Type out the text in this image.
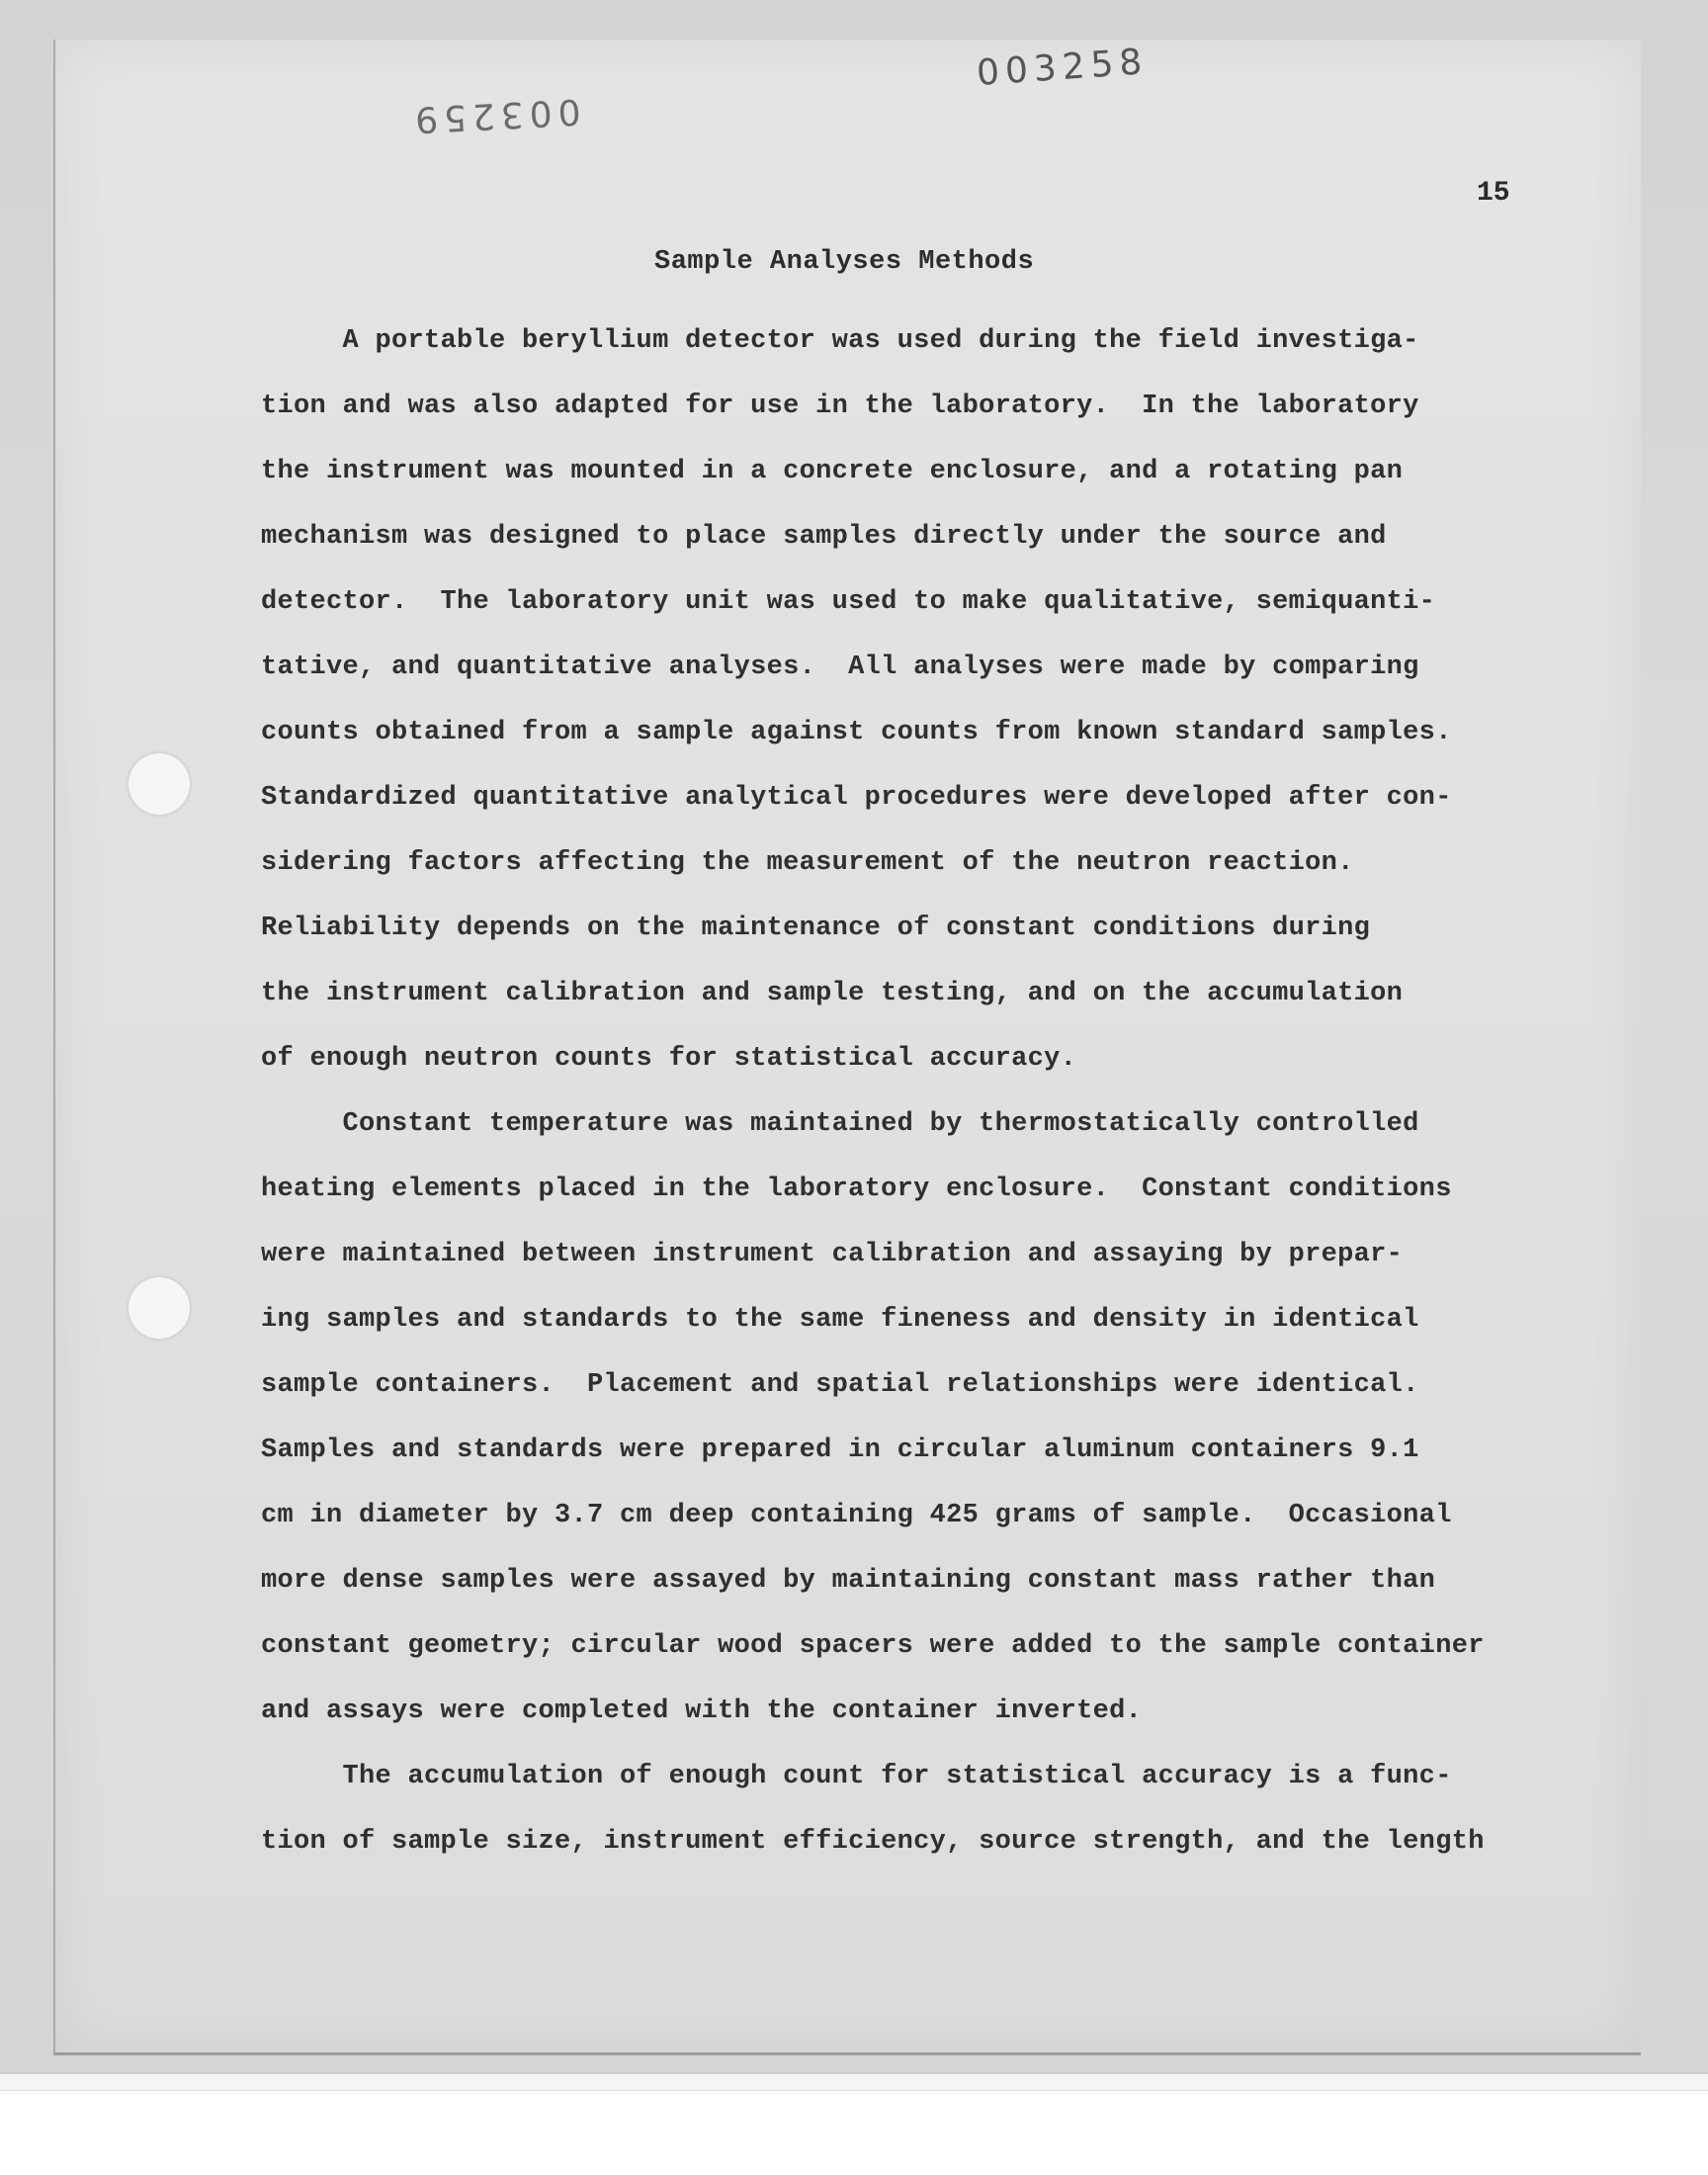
003258
003259
15
Sample Analyses Methods
A portable beryllium detector was used during the field investiga-
tion and was also adapted for use in the laboratory.  In the laboratory
the instrument was mounted in a concrete enclosure, and a rotating pan
mechanism was designed to place samples directly under the source and
detector.  The laboratory unit was used to make qualitative, semiquanti-
tative, and quantitative analyses.  All analyses were made by comparing
counts obtained from a sample against counts from known standard samples.
Standardized quantitative analytical procedures were developed after con-
sidering factors affecting the measurement of the neutron reaction.
Reliability depends on the maintenance of constant conditions during
the instrument calibration and sample testing, and on the accumulation
of enough neutron counts for statistical accuracy.
Constant temperature was maintained by thermostatically controlled
heating elements placed in the laboratory enclosure.  Constant conditions
were maintained between instrument calibration and assaying by prepar-
ing samples and standards to the same fineness and density in identical
sample containers.  Placement and spatial relationships were identical.
Samples and standards were prepared in circular aluminum containers 9.1
cm in diameter by 3.7 cm deep containing 425 grams of sample.  Occasional
more dense samples were assayed by maintaining constant mass rather than
constant geometry; circular wood spacers were added to the sample container
and assays were completed with the container inverted.
The accumulation of enough count for statistical accuracy is a func-
tion of sample size, instrument efficiency, source strength, and the length
